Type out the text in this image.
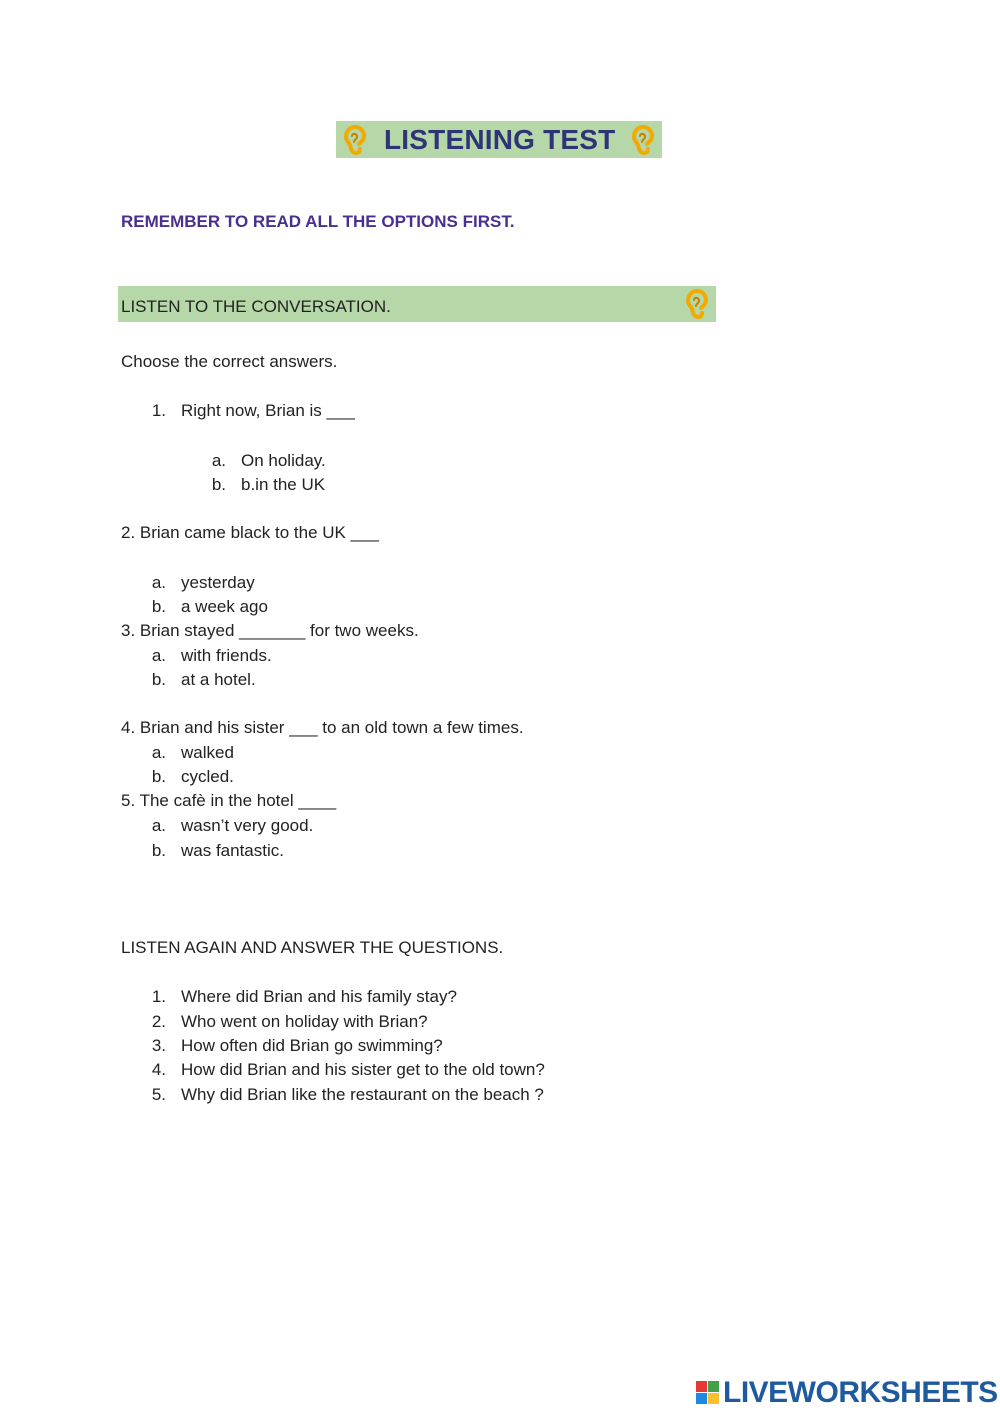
LISTENING TEST
REMEMBER TO READ ALL THE OPTIONS FIRST.
LISTEN TO THE CONVERSATION.
Choose the correct answers.
1. Right now, Brian is ___
a. On holiday.
b. b.in the UK
2. Brian came black to the UK ___
a. yesterday
b. a week ago
3. Brian stayed _______ for two weeks.
a. with friends.
b. at a hotel.
4. Brian and his sister ___ to an old town a few times.
a. walked
b. cycled.
5. The cafè in the hotel ____
a. wasn’t very good.
b. was fantastic.
LISTEN AGAIN AND ANSWER THE QUESTIONS.
1. Where did Brian and his family stay?
2. Who went on holiday with Brian?
3. How often did Brian go swimming?
4. How did Brian and his sister get to the old town?
5. Why did Brian like the restaurant on the beach ?
LIVEWORKSHEETS
